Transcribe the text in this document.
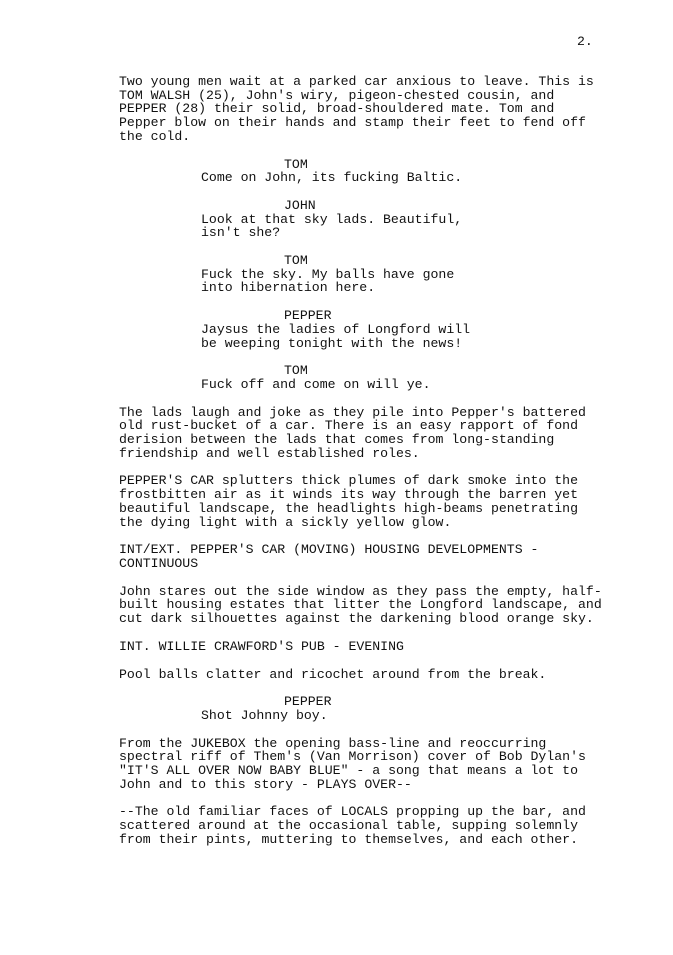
2.

Two young men wait at a parked car anxious to leave. This is
TOM WALSH (25), John's wiry, pigeon-chested cousin, and
PEPPER (28) their solid, broad-shouldered mate. Tom and
Pepper blow on their hands and stamp their feet to fend off
the cold.

TOM
Come on John, its fucking Baltic.
JOHN
Look at that sky lads. Beautiful,
isn't she?
TOM
Fuck the sky. My balls have gone
into hibernation here.
PEPPER
Jaysus the ladies of Longford will
be weeping tonight with the news!
TOM
Fuck off and come on will ye.

The lads laugh and joke as they pile into Pepper's battered
old rust-bucket of a car. There is an easy rapport of fond
derision between the lads that comes from long-standing
friendship and well established roles.

PEPPER'S CAR splutters thick plumes of dark smoke into the
frostbitten air as it winds its way through the barren yet
beautiful landscape, the headlights high-beams penetrating
the dying light with a sickly yellow glow.

INT/EXT. PEPPER'S CAR (MOVING) HOUSING DEVELOPMENTS -
CONTINUOUS

John stares out the side window as they pass the empty, half-
built housing estates that litter the Longford landscape, and
cut dark silhouettes against the darkening blood orange sky.

INT. WILLIE CRAWFORD'S PUB - EVENING

Pool balls clatter and ricochet around from the break.

PEPPER
Shot Johnny boy.

From the JUKEBOX the opening bass-line and reoccurring
spectral riff of Them's (Van Morrison) cover of Bob Dylan's
"IT'S ALL OVER NOW BABY BLUE" - a song that means a lot to
John and to this story - PLAYS OVER--

--The old familiar faces of LOCALS propping up the bar, and
scattered around at the occasional table, supping solemnly
from their pints, muttering to themselves, and each other.
